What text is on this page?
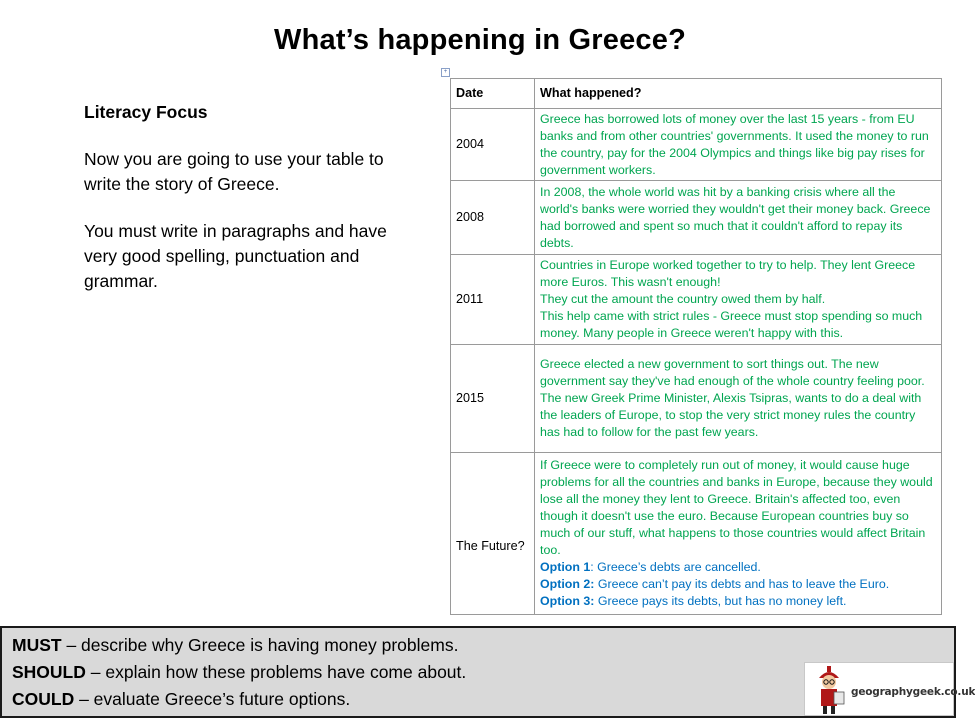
What’s happening in Greece?
Literacy Focus

Now you are going to use your table to write the story of Greece.

You must write in paragraphs and have very good spelling, punctuation and grammar.

+
Date	What happened?
2004	Greece has borrowed lots of money over the last 15 years - from EU banks and from other countries' governments. It used the money to run the country, pay for the 2004 Olympics and things like big pay rises for government workers.

2008	In 2008, the whole world was hit by a banking crisis where all the world's banks were worried they wouldn't get their money back. Greece had borrowed and spent so much that it couldn't afford to repay its debts.

2011	Countries in Europe worked together to try to help. They lent Greece more Euros. This wasn't enough!
They cut the amount the country owed them by half.
This help came with strict rules - Greece must stop spending so much money. Many people in Greece weren't happy with this.

2015	Greece elected a new government to sort things out. The new government say they've had enough of the whole country feeling poor.
The new Greek Prime Minister, Alexis Tsipras, wants to do a deal with the leaders of Europe, to stop the very strict money rules the country has had to follow for the past few years.

The Future?	If Greece were to completely run out of money, it would cause huge problems for all the countries and banks in Europe, because they would lose all the money they lent to Greece. Britain's affected too, even though it doesn't use the euro. Because European countries buy so much of our stuff, what happens to those countries would affect Britain too.
Option 1: Greece’s debts are cancelled.
Option 2: Greece can’t pay its debts and has to leave the Euro.
Option 3: Greece pays its debts, but has no money left.
MUST – describe why Greece is having money problems.
SHOULD – explain how these problems have come about.
COULD – evaluate Greece’s future options.	geographygeek.co.uk
